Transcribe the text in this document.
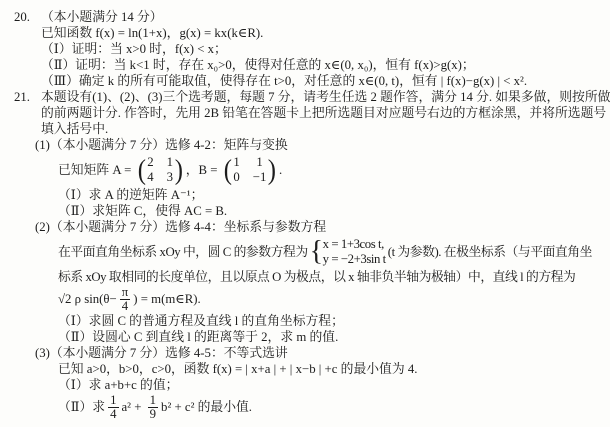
20. （本小题满分 14 分）
已知函数 f(x) = ln(1+x)，g(x) = kx(k∈R).
（Ⅰ）证明：当 x>0 时，f(x) < x；
（Ⅱ）证明：当 k<1 时，存在 x₀>0，使得对任意的 x∈(0, x₀)，恒有 f(x)>g(x)；
（Ⅲ）确定 k 的所有可能取值，使得存在 t>0，对任意的 x∈(0, t)，恒有 | f(x)−g(x) | < x².
21. 本题设有(1)、(2)、(3)三个选考题，每题 7 分，请考生任选 2 题作答，满分 14 分. 如果多做，则按所做
的前两题计分. 作答时，先用 2B 铅笔在答题卡上把所选题目对应题号右边的方框涂黑，并将所选题号
填入括号中.
(1)（本小题满分 7 分）选修 4-2：矩阵与变换
已知矩阵 A = ( 2 1
4 3 ) ，B = ( 1 1
0 −1 ) .
（Ⅰ）求 A 的逆矩阵 A⁻¹；
（Ⅱ）求矩阵 C，使得 AC = B.
(2)（本小题满分 7 分）选修 4-4：坐标系与参数方程
在平面直角坐标系 xOy 中，圆 C 的参数方程为 { x = 1+3cos t,
y = −2+3sin t (t 为参数). 在极坐标系（与平面直角坐
标系 xOy 取相同的长度单位，且以原点 O 为极点，以 x 轴非负半轴为极轴）中，直线 l 的方程为
√2 ρ $\sin(\theta- \frac{\pi}{4}$ ) = m(m∈R).
（Ⅰ）求圆 C 的普通方程及直线 l 的直角坐标方程；
（Ⅱ）设圆心 C 到直线 l 的距离等于 2，求 m 的值.
(3)（本小题满分 7 分）选修 4-5：不等式选讲
已知 a>0，b>0，c>0，函数 f(x) = | x+a | + | x−b | +c 的最小值为 4.
（Ⅰ）求 a+b+c 的值；
（Ⅱ）求 $\frac{1}{4} a^2 + \frac{1}{9} b^2 + c^2$ 的最小值.
